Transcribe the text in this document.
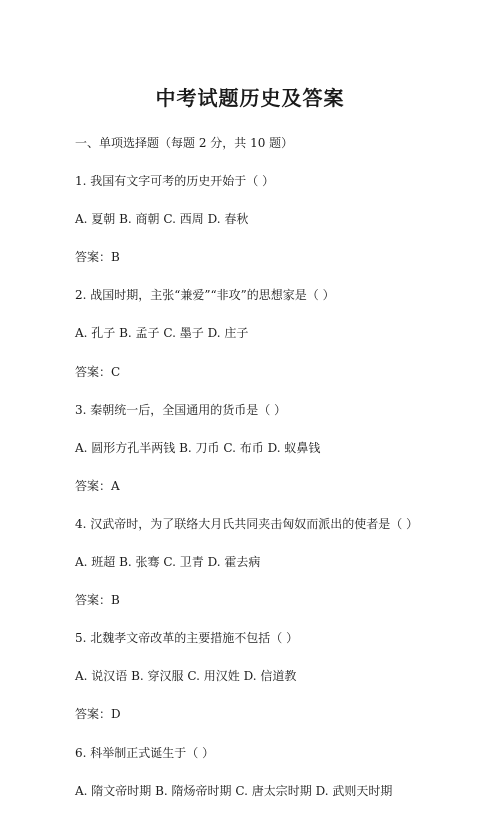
中考试题历史及答案
一、单项选择题（每题 2 分，共 10 题）
1. 我国有文字可考的历史开始于（ ）
A. 夏朝 B. 商朝 C. 西周 D. 春秋
答案：B
2. 战国时期，主张“兼爱”“非攻”的思想家是（ ）
A. 孔子 B. 孟子 C. 墨子 D. 庄子
答案：C
3. 秦朝统一后，全国通用的货币是（ ）
A. 圆形方孔半两钱 B. 刀币 C. 布币 D. 蚁鼻钱
答案：A
4. 汉武帝时，为了联络大月氏共同夹击匈奴而派出的使者是（ ）
A. 班超 B. 张骞 C. 卫青 D. 霍去病
答案：B
5. 北魏孝文帝改革的主要措施不包括（ ）
A. 说汉语 B. 穿汉服 C. 用汉姓 D. 信道教
答案：D
6. 科举制正式诞生于（ ）
A. 隋文帝时期 B. 隋炀帝时期 C. 唐太宗时期 D. 武则天时期
